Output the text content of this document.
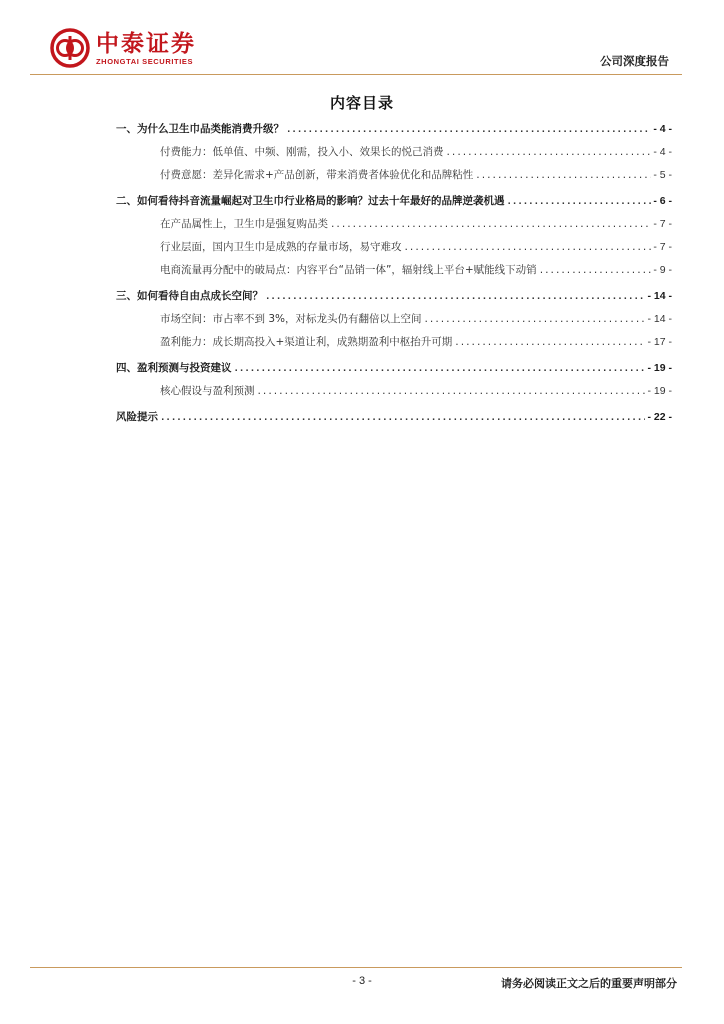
中泰证券
ZHONGTAI SECURITIES	公司深度报告
内容目录
一、为什么卫生巾品类能消费升级？ .....	- 4 -
付费能力：低单值、中频、刚需，投入小、效果长的悦己消费 .....	- 4 -
付费意愿：差异化需求+产品创新，带来消费者体验优化和品牌粘性 .....	- 5 -
二、如何看待抖音流量崛起对卫生巾行业格局的影响？过去十年最好的品牌逆袭机遇 .....	- 6 -
在产品属性上，卫生巾是强复购品类 .....	- 7 -
行业层面，国内卫生巾是成熟的存量市场，易守难攻 .....	- 7 -
电商流量再分配中的破局点：内容平台“品销一体”，辐射线上平台+赋能线下动销 .....	- 9 -
三、如何看待自由点成长空间？ .....	- 14 -
市场空间：市占率不到 3%，对标龙头仍有翻倍以上空间 .....	- 14 -
盈利能力：成长期高投入+渠道让利，成熟期盈利中枢抬升可期 .....	- 17 -
四、盈利预测与投资建议 .....	- 19 -
核心假设与盈利预测 .....	- 19 -
风险提示 .....	- 22 -
- 3 -	请务必阅读正文之后的重要声明部分
